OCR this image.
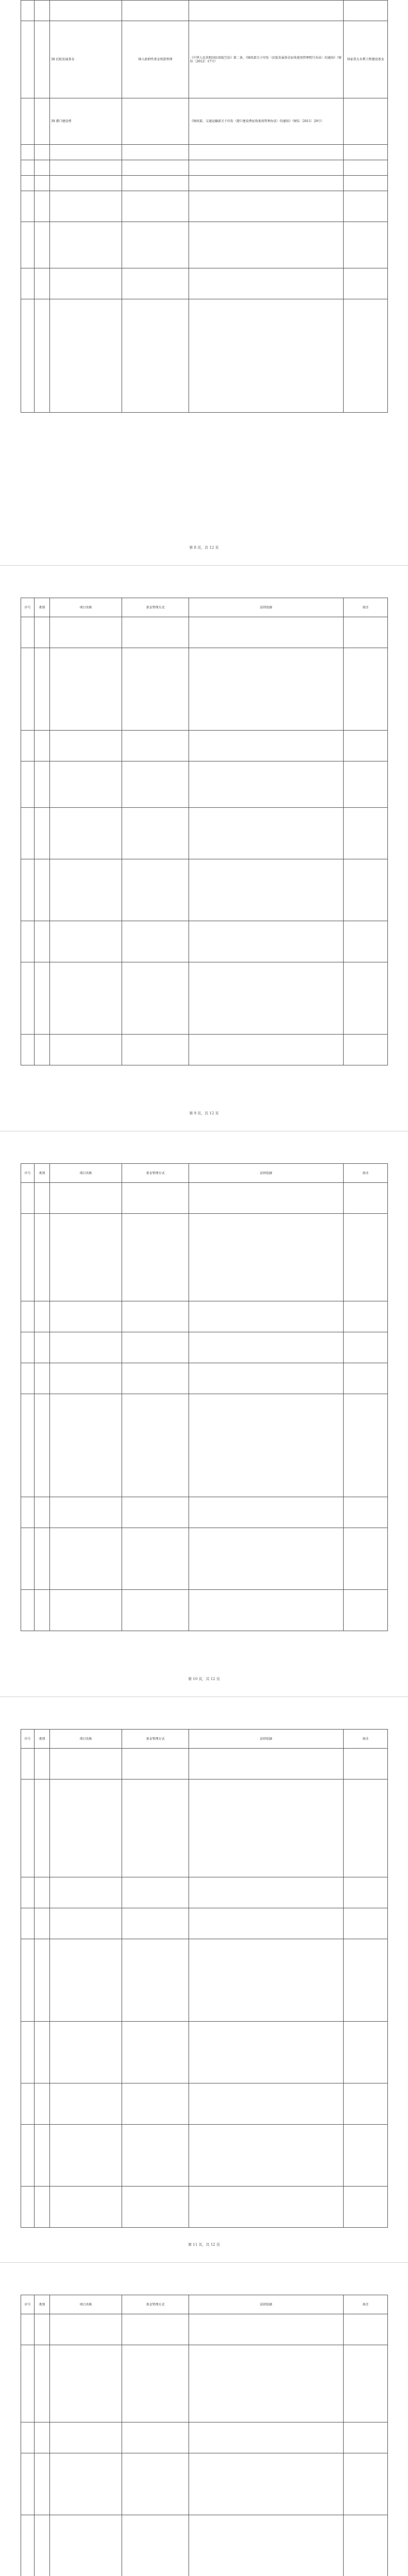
		38 民航发展基金	纳入政府性基金预算管理	《中华人民共和国民用航空法》第二条，《财政部关于印发〈民航发展基金征收使用管理暂行办法〉的通知》（财综〔2012〕17号）	国家重大水利工程建设基金
		39 港口建设费		《财政部、交通运输部关于印发〈港口建设费征收使用管理办法〉的通知》（财综〔2011〕29号）	

第 8 页，共 12 页
序号	类别	项目名称	基金管理方式	法律依据	备注

第 9 页，共 12 页
序号	类别	项目名称	基金管理方式	法律依据	备注

第 10 页，共 12 页
序号	类别	项目名称	基金管理方式	法律依据	备注

第 11 页，共 12 页
序号	类别	项目名称	基金管理方式	法律依据	备注
